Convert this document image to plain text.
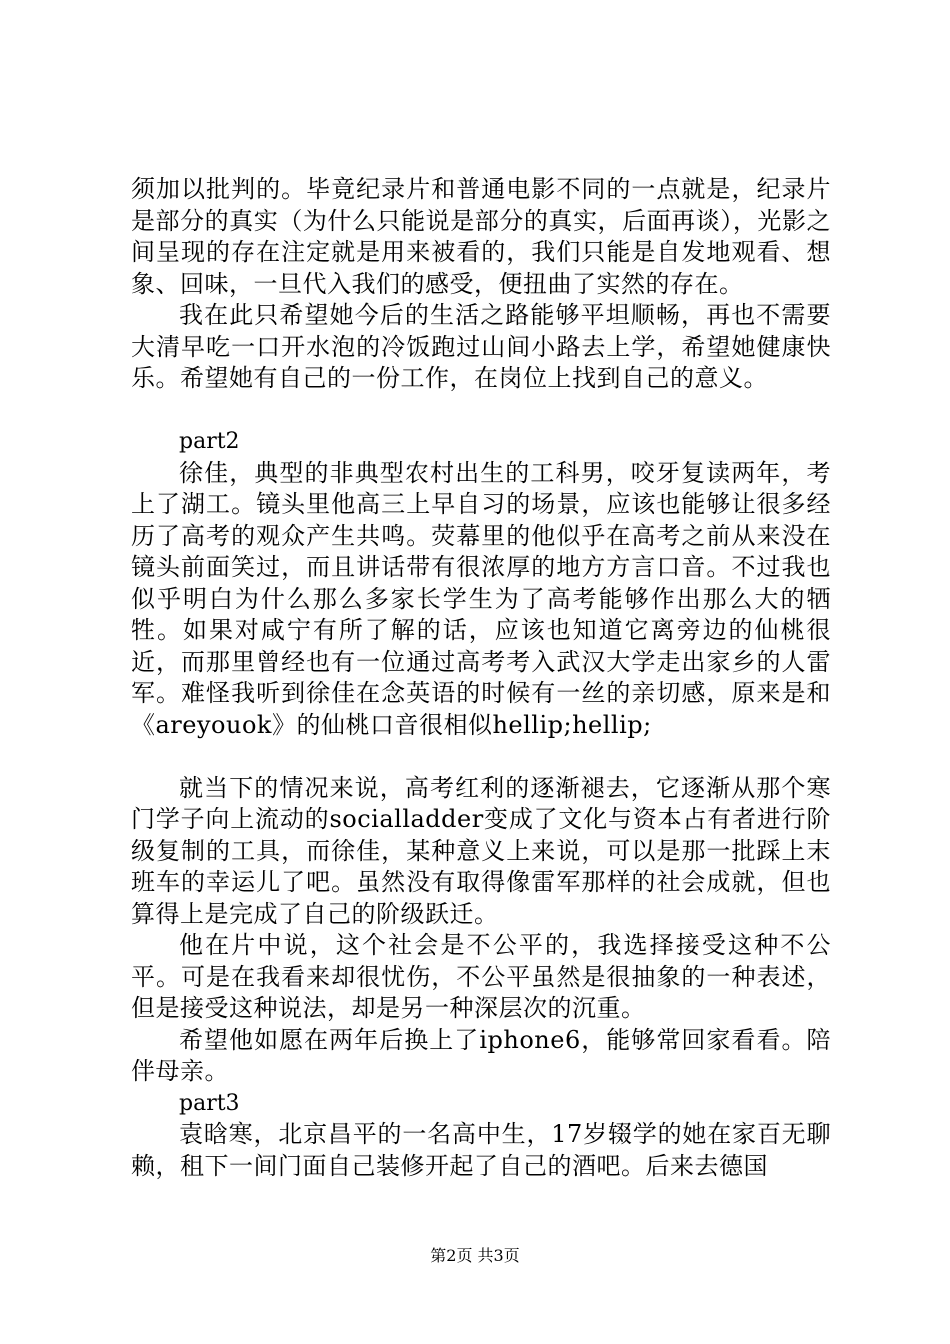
须加以批判的。毕竟纪录片和普通电影不同的一点就是，纪录片是部分的真实（为什么只能说是部分的真实，后面再谈），光影之间呈现的存在注定就是用来被看的，我们只能是自发地观看、想象、回味，一旦代入我们的感受，便扭曲了实然的存在。

我在此只希望她今后的生活之路能够平坦顺畅，再也不需要大清早吃一口开水泡的冷饭跑过山间小路去上学，希望她健康快乐。希望她有自己的一份工作，在岗位上找到自己的意义。

part2

徐佳，典型的非典型农村出生的工科男，咬牙复读两年，考上了湖工。镜头里他高三上早自习的场景，应该也能够让很多经历了高考的观众产生共鸣。荧幕里的他似乎在高考之前从来没在镜头前面笑过，而且讲话带有很浓厚的地方方言口音。不过我也似乎明白为什么那么多家长学生为了高考能够作出那么大的牺牲。如果对咸宁有所了解的话，应该也知道它离旁边的仙桃很近，而那里曾经也有一位通过高考考入武汉大学走出家乡的人雷军。难怪我听到徐佳在念英语的时候有一丝的亲切感，原来是和《areyouok》的仙桃口音很相似hellip;hellip;

就当下的情况来说，高考红利的逐渐褪去，它逐渐从那个寒门学子向上流动的socialladder变成了文化与资本占有者进行阶级复制的工具，而徐佳，某种意义上来说，可以是那一批踩上末班车的幸运儿了吧。虽然没有取得像雷军那样的社会成就，但也算得上是完成了自己的阶级跃迁。

他在片中说，这个社会是不公平的，我选择接受这种不公平。可是在我看来却很忧伤，不公平虽然是很抽象的一种表述，但是接受这种说法，却是另一种深层次的沉重。

希望他如愿在两年后换上了iphone6，能够常回家看看。陪伴母亲。

part3

袁晗寒，北京昌平的一名高中生，17岁辍学的她在家百无聊赖，租下一间门面自己装修开起了自己的酒吧。后来去德国

第2页 共3页
